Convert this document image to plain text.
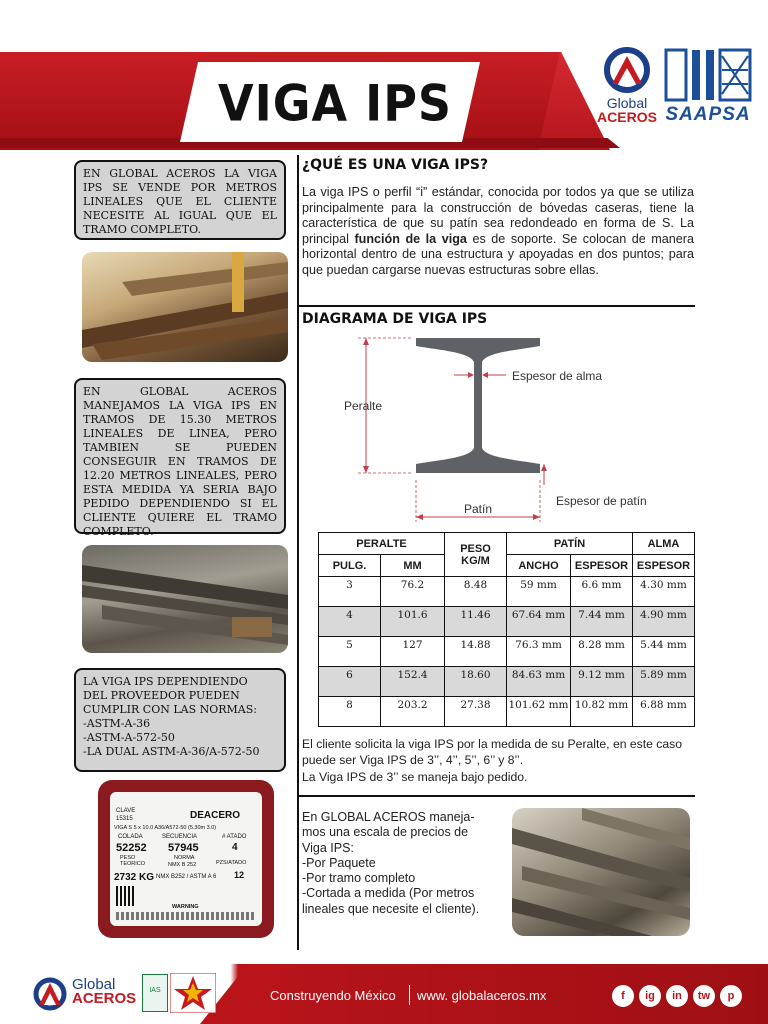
VIGA IPS	Global
ACEROS SAAPSA
EN GLOBAL ACEROS LA VIGA IPS SE VENDE POR METROS LINEALES QUE EL CLIENTE NECESITE AL IGUAL QUE EL TRAMO COMPLETO.
EN GLOBAL ACEROS MANEJAMOS LA VIGA IPS EN TRAMOS DE 15.30 METROS LINEALES DE LINEA, PERO TAMBIEN SE PUEDEN CONSEGUIR EN TRAMOS DE 12.20 METROS LINEALES, PERO ESTA MEDIDA YA SERIA BAJO PEDIDO DEPENDIENDO SI EL CLIENTE QUIERE EL TRAMO COMPLETO.
LA VIGA IPS DEPENDIENDO
DEL PROVEEDOR PUEDEN
CUMPLIR CON LAS NORMAS:
-ASTM-A-36
-ASTM-A-572-50
-LA DUAL ASTM-A-36/A-572-50
CLAVE
15315	DEACERO
VIGA S 5 x 10.0 A36/A572-50 (5.30m 3.0)
COLADA	SECUENCIA	# ATADO
52252 57945	4
PESO TEORICO
NORMA
NMX B 252	PZS/ATADO
2732 KG NMX B252 / ASTM A 6 12
WARNING
¿QUÉ ES UNA VIGA IPS?

La viga IPS o perfil “i” estándar, conocida por todos ya que se utiliza principalmente para la construcción de bóvedas caseras, tiene la característica de que su patín sea redondeado en forma de S. La principal función de la viga es de soporte. Se colocan de manera horizontal dentro de una estructura y apoyadas en dos puntos; para que puedan cargarse nuevas estructuras sobre ellas.

DIAGRAMA DE VIGA IPS
Peralte
Espesor de alma
Espesor de patín
Patín
PERALTE		PESO KG/M	PATÍN		ALMA
PULG.	MM		ANCHO	ESPESOR	ESPESOR
3	76.2	8.48	59 mm	6.6 mm	4.30 mm
4	101.6	11.46	67.64 mm	7.44 mm	4.90 mm
5	127	14.88	76.3 mm	8.28 mm	5.44 mm
6	152.4	18.60	84.63 mm	9.12 mm	5.89 mm
8	203.2	27.38	101.62 mm	10.82 mm	6.88 mm

El cliente solicita la viga IPS por la medida de su Peralte, en este caso puede ser Viga IPS de 3’’, 4’’, 5’’, 6’’ y 8’’.

La Viga IPS de 3’’ se maneja bajo pedido.

En GLOBAL ACEROS maneja-
mos una escala de precios de
Viga IPS:
-Por Paquete
-Por tramo completo
-Cortada a medida (Por metros
lineales que necesite el cliente).
Global
ACEROS	IAS	Construyendo México www. globalaceros.mx	f	ig	in	tw	p
